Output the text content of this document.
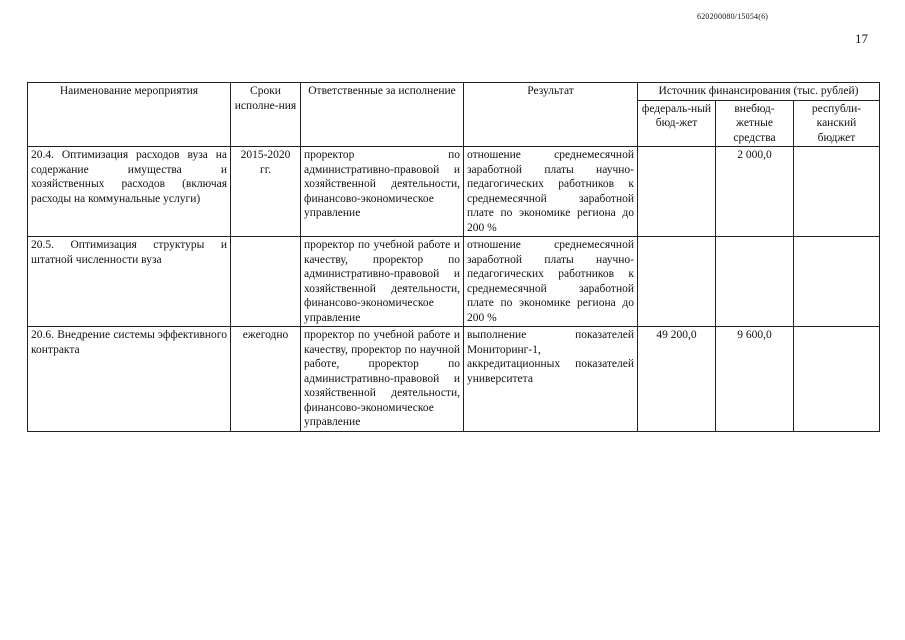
620200080/15054(6)
17
Наименование мероприятия	Сроки исполне-ния	Ответственные за исполнение	Результат	Источник финансирования (тыс. рублей)		
				федераль-ный бюд-жет	внебюд-жетные средства	республи-канский бюджет
20.4. Оптимизация расходов вуза на содержание имущества и хозяйственных расходов (включая расходы на коммунальные услуги)	2015-2020 гг.	проректор по административно-правовой и хозяйственной деятельности, финансово-экономическое управление	отношение среднемесячной заработной платы научно-педагогических работников к среднемесячной заработной плате по экономике региона до 200 %		2 000,0	
20.5. Оптимизация структуры и штатной численности вуза		проректор по учебной работе и качеству, проректор по административно-правовой и хозяйственной деятельности, финансово-экономическое управление	отношение среднемесячной заработной платы научно-педагогических работников к среднемесячной заработной плате по экономике региона до 200 %			
20.6. Внедрение системы эффективного контракта	ежегодно	проректор по учебной работе и качеству, проректор по научной работе, проректор по административно-правовой и хозяйственной деятельности, финансово-экономическое управление	выполнение показателей Мониторинг-1, аккредитационных показателей университета	49 200,0	9 600,0	
